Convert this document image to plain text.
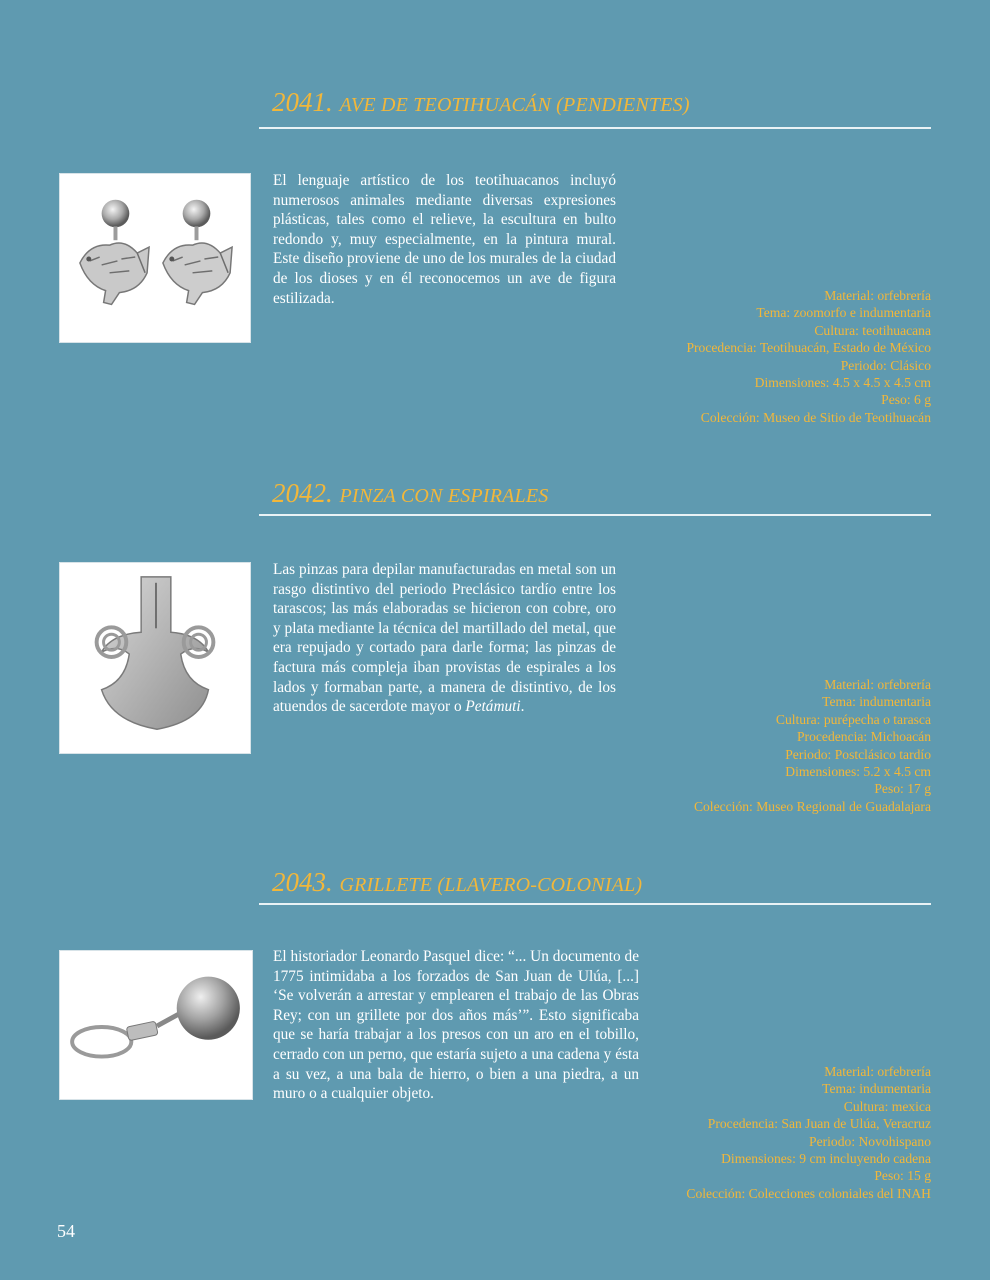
2041. AVE DE TEOTIHUACÁN (PENDIENTES)
El lenguaje artístico de los teotihuacanos incluyó numerosos animales mediante diversas expresiones plásticas, tales como el relieve, la escultura en bulto redondo y, muy especialmente, en la pintura mural. Este diseño proviene de uno de los murales de la ciudad de los dioses y en él reconocemos un ave de figura estilizada.	Material: orfebrería
Tema: zoomorfo e indumentaria
Cultura: teotihuacana
Procedencia: Teotihuacán, Estado de México
Periodo: Clásico
Dimensiones: 4.5 x 4.5 x 4.5 cm
Peso: 6 g
Colección: Museo de Sitio de Teotihuacán
2042. PINZA CON ESPIRALES
Las pinzas para depilar manufacturadas en metal son un rasgo distintivo del periodo Preclásico tardío entre los tarascos; las más elaboradas se hicieron con cobre, oro y plata mediante la técnica del martillado del metal, que era repujado y cortado para darle forma; las pinzas de factura más compleja iban provistas de espirales a los lados y formaban parte, a manera de distintivo, de los atuendos de sacerdote mayor o Petámuti.
Material: orfebrería
Tema: indumentaria
Cultura: purépecha o tarasca
Procedencia: Michoacán
Periodo: Postclásico tardío
Dimensiones: 5.2 x 4.5 cm
Peso: 17 g
Colección: Museo Regional de Guadalajara
2043. GRILLETE (LLAVERO-COLONIAL)
El historiador Leonardo Pasquel dice: “... Un documento de 1775 intimidaba a los forzados de San Juan de Ulúa, [...] ‘Se volverán a arrestar y emplearen el trabajo de las Obras Rey; con un grillete por dos años más’”. Esto significaba que se haría trabajar a los presos con un aro en el tobillo, cerrado con un perno, que estaría sujeto a una cadena y ésta a su vez, a una bala de hierro, o bien a una piedra, a un muro o a cualquier objeto.
Material: orfebrería
Tema: indumentaria
Cultura: mexica
Procedencia: San Juan de Ulúa, Veracruz
Periodo: Novohispano
Dimensiones: 9 cm incluyendo cadena
Peso: 15 g
Colección: Colecciones coloniales del INAH
54
